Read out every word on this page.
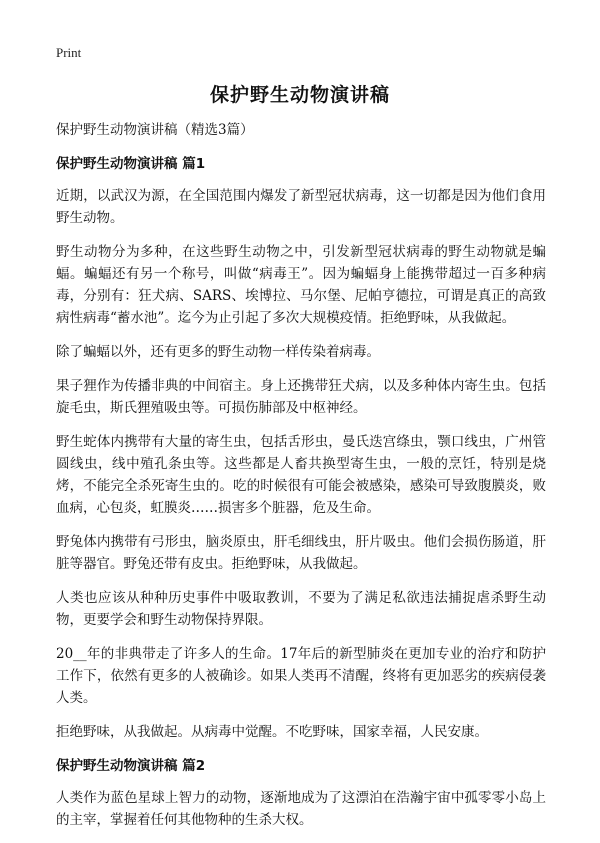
Print
保护野生动物演讲稿

保护野生动物演讲稿（精选3篇）

保护野生动物演讲稿 篇1

近期，以武汉为源，在全国范围内爆发了新型冠状病毒，这一切都是因为他们食用野生动物。

野生动物分为多种，在这些野生动物之中，引发新型冠状病毒的野生动物就是蝙蝠。蝙蝠还有另一个称号，叫做“病毒王”。因为蝙蝠身上能携带超过一百多种病毒，分别有：狂犬病、SARS、埃博拉、马尔堡、尼帕亨德拉，可谓是真正的高致病性病毒“蓄水池”。迄今为止引起了多次大规模疫情。拒绝野味，从我做起。

除了蝙蝠以外，还有更多的野生动物一样传染着病毒。

果子狸作为传播非典的中间宿主。身上还携带狂犬病，以及多种体内寄生虫。包括旋毛虫，斯氏狸殖吸虫等。可损伤肺部及中枢神经。

野生蛇体内携带有大量的寄生虫，包括舌形虫，曼氏迭宫绦虫，颚口线虫，广州管圆线虫，线中殖孔条虫等。这些都是人畜共换型寄生虫，一般的烹饪，特别是烧烤，不能完全杀死寄生虫的。吃的时候很有可能会被感染，感染可导致腹膜炎，败血病，心包炎，虹膜炎……损害多个脏器，危及生命。

野兔体内携带有弓形虫，脑炎原虫，肝毛细线虫，肝片吸虫。他们会损伤肠道，肝脏等器官。野兔还带有皮虫。拒绝野味，从我做起。

人类也应该从种种历史事件中吸取教训，不要为了满足私欲违法捕捉虐杀野生动物，更要学会和野生动物保持界限。

20__年的非典带走了许多人的生命。17年后的新型肺炎在更加专业的治疗和防护工作下，依然有更多的人被确诊。如果人类再不清醒，终将有更加恶劣的疾病侵袭人类。

拒绝野味，从我做起。从病毒中觉醒。不吃野味，国家幸福，人民安康。

保护野生动物演讲稿 篇2

人类作为蓝色星球上智力的动物，逐渐地成为了这漂泊在浩瀚宇宙中孤零零小岛上的主宰，掌握着任何其他物种的生杀大权。
